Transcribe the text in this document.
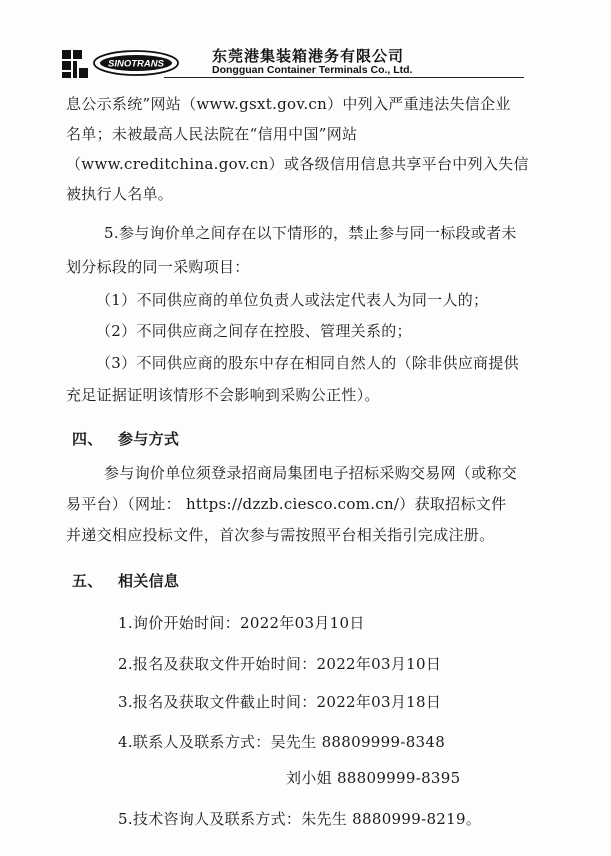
SINOTRANS	东莞港集装箱港务有限公司
Dongguan Container Terminals Co., Ltd.
息公示系统”网站（www.gsxt.gov.cn）中列入严重违法失信企业
名单；未被最高人民法院在“信用中国”网站
（www.creditchina.gov.cn）或各级信用信息共享平台中列入失信
被执行人名单。
5.参与询价单之间存在以下情形的，禁止参与同一标段或者未
划分标段的同一采购项目：
（1）不同供应商的单位负责人或法定代表人为同一人的；
（2）不同供应商之间存在控股、管理关系的；
（3）不同供应商的股东中存在相同自然人的（除非供应商提供
充足证据证明该情形不会影响到采购公正性）。
四、 参与方式
参与询价单位须登录招商局集团电子招标采购交易网（或称交
易平台）（网址： https://dzzb.ciesco.com.cn/）获取招标文件
并递交相应投标文件，首次参与需按照平台相关指引完成注册。
五、 相关信息
1.询价开始时间：2022年03月10日
2.报名及获取文件开始时间：2022年03月10日
3.报名及获取文件截止时间：2022年03月18日
4.联系人及联系方式：吴先生 88809999-8348
刘小姐 88809999-8395
5.技术咨询人及联系方式：朱先生 8880999-8219。
